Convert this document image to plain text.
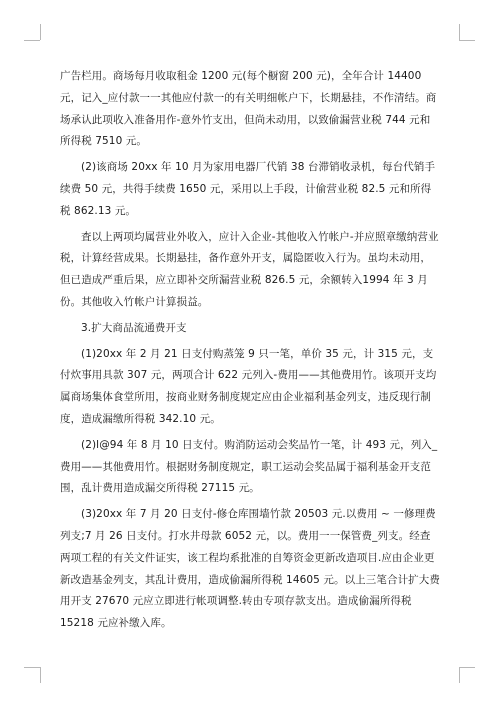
广告栏用。商场每月收取租金 1200 元(每个橱窗 200 元)，全年合计 14400 元，记入_应付款一一其他应付款一的有关明细帐户下，长期悬挂，不作清结。商场承认此项收入准备用作-意外竹支出，但尚未动用，以致偷漏营业税 744 元和所得税 7510 元。

(2)该商场 20xx 年 10 月为家用电器厂代销 38 台滞销收录机，每台代销手续费 50 元，共得手续费 1650 元，采用以上手段，计偷营业税 82.5 元和所得税 862.13 元。

査以上两项均属营业外收入，应计入企业-其他收入竹帐户-并应照章缴纳营业税，计算经营成果。长期悬挂，备作意外开支，属隐匿收入行为。虽均未动用，但已造成严重后果，应立即补交所漏营业税 826.5 元，余额转入1994 年 3 月份。其他收入竹帐户计算损益。

3.扩大商品流通费开支

(1)20xx 年 2 月 21 日支付购蒸笼 9 只一笔，单价 35 元，计 315 元，支付炊事用具款 307 元，两项合计 622 元列入-费用——其他费用竹。该项开支均属商场集体食堂所用，按商业财务制度规定应由企业福利基金列支，违反现行制度，造成漏缴所得税 342.10 元。

(2)l@94 年 8 月 10 日支付。购消防运动会奖品竹一笔，计 493 元，列入_费用——其他费用竹。根据财务制度规定，职工运动会奖品属于福利基金开支范围，乱计费用造成漏交所得税 27115 元。

(3)20xx 年 7 月 20 日支付-修仓库围墙竹款 20503 元.以费用 ~ 一修理费列支;7 月 26 日支付。打水井母款 6052 元，以。费用一一保管费_列支。经查两项工程的有关文件证实，该工程均系批准的自筹资金更新改造项目.应由企业更新改造基金列支，其乱计费用，造成偷漏所得税 14605 元。以上三笔合计扩大费用开支 27670 元应立即进行帐项调整.转由专项存款支出。造成偷漏所得税 15218 元应补缴入库。
